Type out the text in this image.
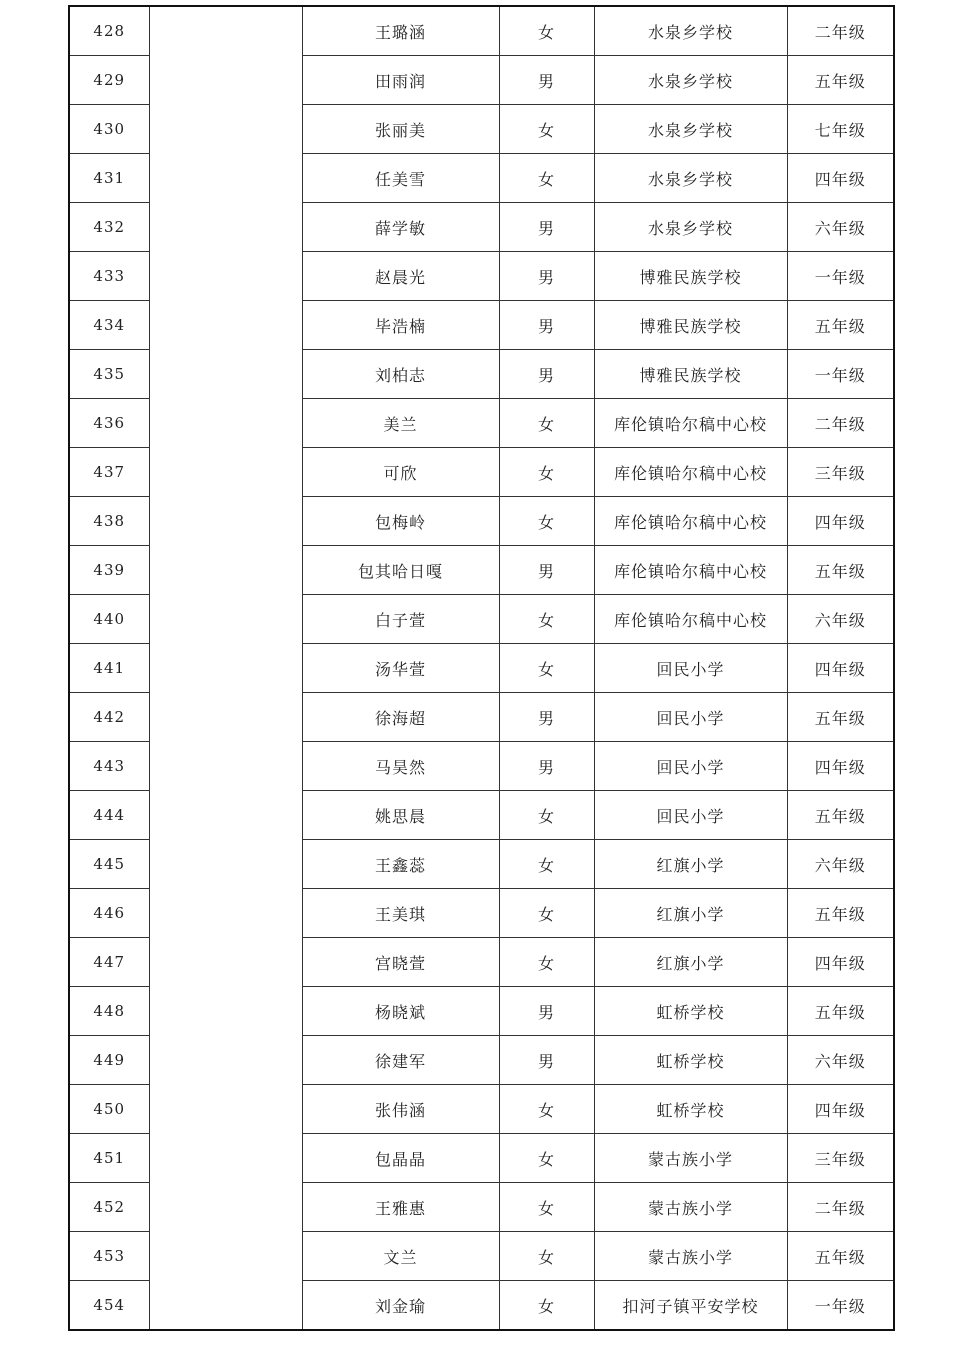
428		王璐涵	女	水泉乡学校	二年级
429		田雨润	男	水泉乡学校	五年级
430		张丽美	女	水泉乡学校	七年级
431		任美雪	女	水泉乡学校	四年级
432		薛学敏	男	水泉乡学校	六年级
433		赵晨光	男	博雅民族学校	一年级
434		毕浩楠	男	博雅民族学校	五年级
435		刘柏志	男	博雅民族学校	一年级
436		美兰	女	库伦镇哈尔稿中心校	二年级
437		可欣	女	库伦镇哈尔稿中心校	三年级
438		包梅岭	女	库伦镇哈尔稿中心校	四年级
439		包其哈日嘎	男	库伦镇哈尔稿中心校	五年级
440		白子萱	女	库伦镇哈尔稿中心校	六年级
441		汤华萱	女	回民小学	四年级
442		徐海超	男	回民小学	五年级
443		马昊然	男	回民小学	四年级
444		姚思晨	女	回民小学	五年级
445		王鑫蕊	女	红旗小学	六年级
446		王美琪	女	红旗小学	五年级
447		宫晓萱	女	红旗小学	四年级
448		杨晓斌	男	虹桥学校	五年级
449		徐建军	男	虹桥学校	六年级
450		张伟涵	女	虹桥学校	四年级
451		包晶晶	女	蒙古族小学	三年级
452		王雅惠	女	蒙古族小学	二年级
453		文兰	女	蒙古族小学	五年级
454		刘金瑜	女	扣河子镇平安学校	一年级
